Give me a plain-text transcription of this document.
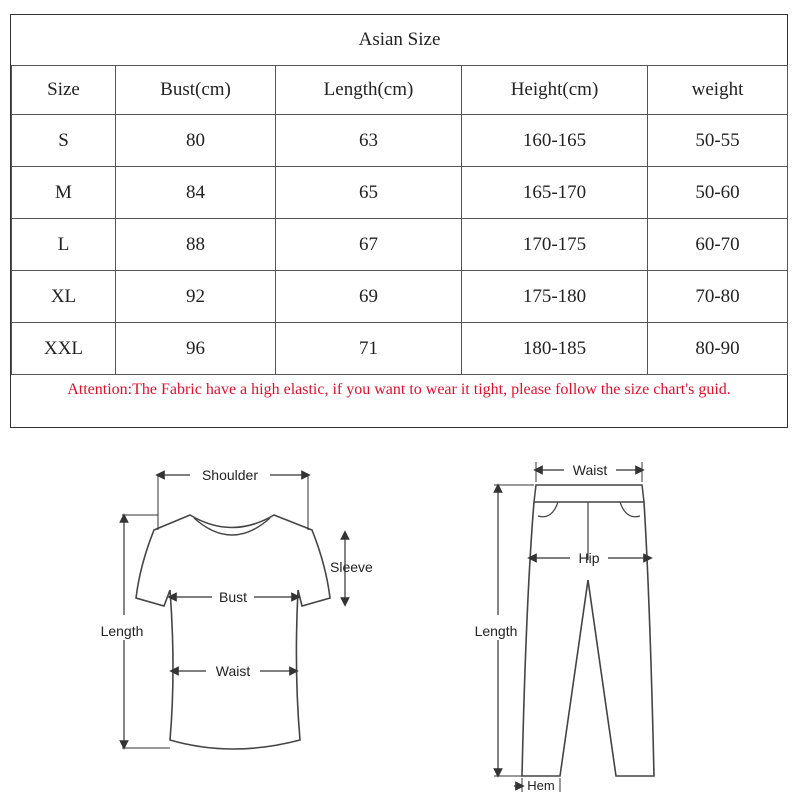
Asian Size				
Size	Bust(cm)	Length(cm)	Height(cm)	weight
S	80	63	160-165	50-55
M	84	65	165-170	50-60
L	88	67	170-175	60-70
XL	92	69	175-180	70-80
XXL	96	71	180-185	80-90
Attention:The Fabric have a high elastic, if you want to wear it tight, please follow the size chart's guid.
Shoulder
Sleeve
Bust
Waist
Length
Waist
Hip
Length
Hem
